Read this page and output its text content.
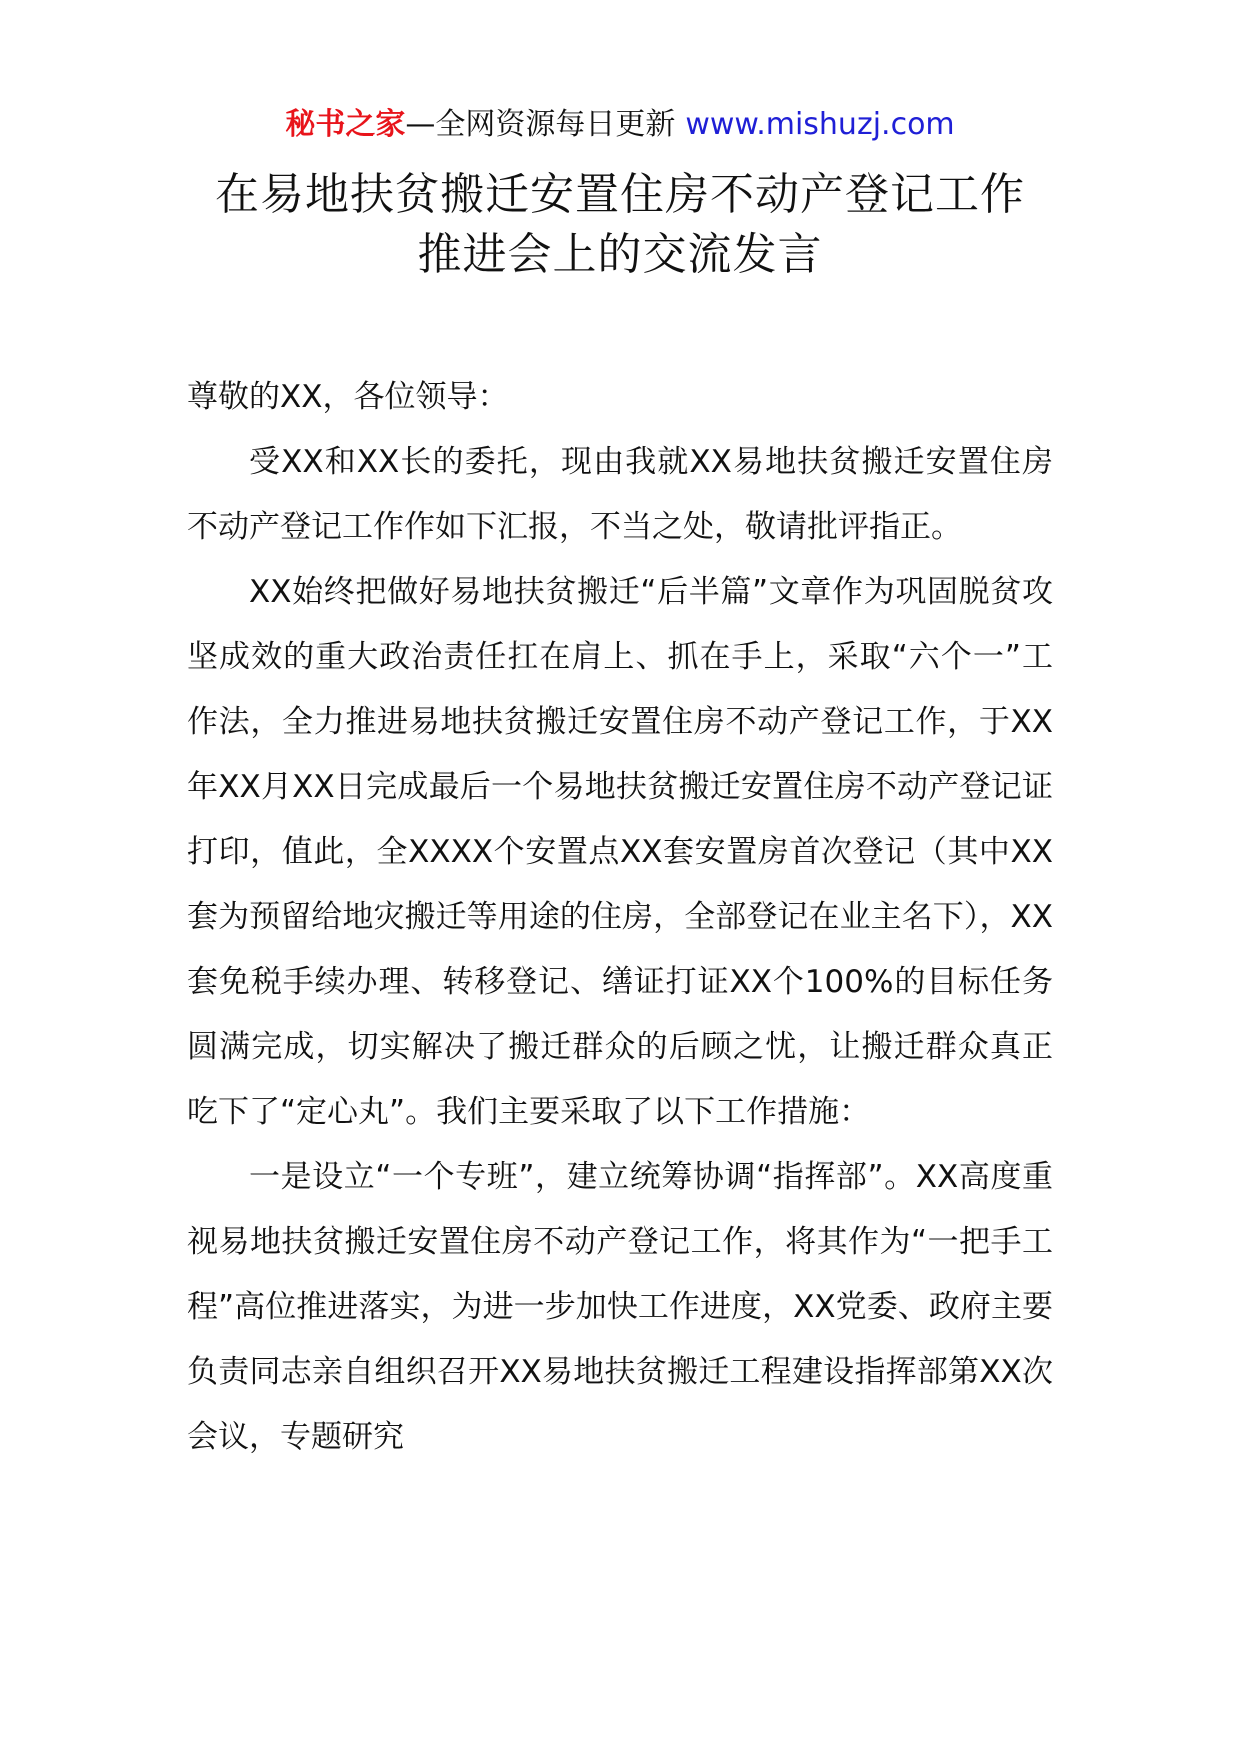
秘书之家—全网资源每日更新 www.mishuzj.com
在易地扶贫搬迁安置住房不动产登记工作
推进会上的交流发言

尊敬的XX，各位领导：

受XX和XX长的委托，现由我就XX易地扶贫搬迁安置住房不动产登记工作作如下汇报，不当之处，敬请批评指正。

XX始终把做好易地扶贫搬迁“后半篇”文章作为巩固脱贫攻坚成效的重大政治责任扛在肩上、抓在手上，采取“六个一”工作法，全力推进易地扶贫搬迁安置住房不动产登记工作，于XX年XX月XX日完成最后一个易地扶贫搬迁安置住房不动产登记证打印，值此，全XXXX个安置点XX套安置房首次登记（其中XX套为预留给地灾搬迁等用途的住房，全部登记在业主名下），XX套免税手续办理、转移登记、缮证打证XX个100%的目标任务圆满完成，切实解决了搬迁群众的后顾之忧，让搬迁群众真正吃下了“定心丸”。我们主要采取了以下工作措施：

一是设立“一个专班”，建立统筹协调“指挥部”。XX高度重视易地扶贫搬迁安置住房不动产登记工作，将其作为“一把手工程”高位推进落实，为进一步加快工作进度，XX党委、政府主要负责同志亲自组织召开XX易地扶贫搬迁工程建设指挥部第XX次会议，专题研究
